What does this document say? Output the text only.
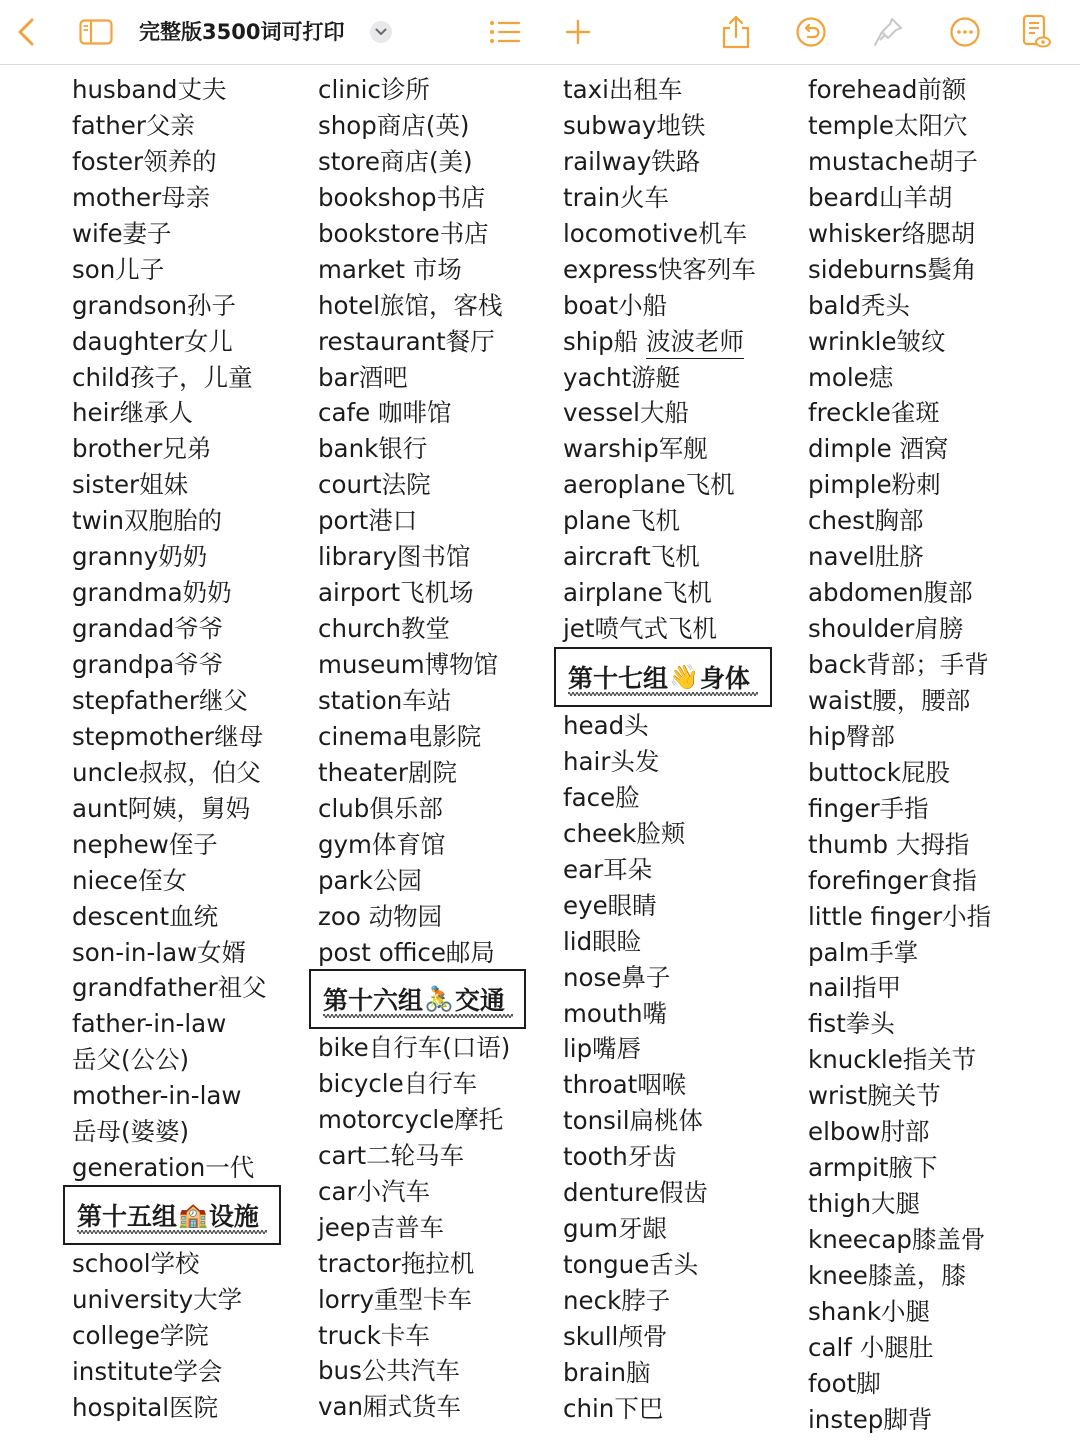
完整版3500词可打印
husband丈夫
father父亲
foster领养的
mother母亲
wife妻子
son儿子
grandson孙子
daughter女儿
child孩子，儿童
heir继承人
brother兄弟
sister姐妹
twin双胞胎的
granny奶奶
grandma奶奶
grandad爷爷
grandpa爷爷
stepfather继父
stepmother继母
uncle叔叔，伯父
aunt阿姨，舅妈
nephew侄子
niece侄女
descent血统
son-in-law女婿
grandfather祖父
father-in-law
岳父(公公)
mother-in-law
岳母(婆婆)
generation一代
第十五组 🏫 设施
school学校
university大学
college学院
institute学会
hospital医院
clinic诊所
shop商店(英)
store商店(美)
bookshop书店
bookstore书店
market 市场
hotel旅馆，客栈
restaurant餐厅
bar酒吧
cafe 咖啡馆
bank银行
court法院
port港口
library图书馆
airport飞机场
church教堂
museum博物馆
station车站
cinema电影院
theater剧院
club俱乐部
gym体育馆
park公园
zoo 动物园
post office邮局
第十六组 🚴 交通
bike自行车(口语)
bicycle自行车
motorcycle摩托
cart二轮马车
car小汽车
jeep吉普车
tractor拖拉机
lorry重型卡车
truck卡车
bus公共汽车
van厢式货车
taxi出租车
subway地铁
railway铁路
train火车
locomotive机车
express快客列车
boat小船
ship船 波波老师
yacht游艇
vessel大船
warship军舰
aeroplane飞机
plane飞机
aircraft飞机
airplane飞机
jet喷气式飞机
第十七组 👋 身体
head头
hair头发
face脸
cheek脸颊
ear耳朵
eye眼睛
lid眼睑
nose鼻子
mouth嘴
lip嘴唇
throat咽喉
tonsil扁桃体
tooth牙齿
denture假齿
gum牙龈
tongue舌头
neck脖子
skull颅骨
brain脑
chin下巴
forehead前额
temple太阳穴
mustache胡子
beard山羊胡
whisker络腮胡
sideburns鬓角
bald秃头
wrinkle皱纹
mole痣
freckle雀斑
dimple 酒窝
pimple粉刺
chest胸部
navel肚脐
abdomen腹部
shoulder肩膀
back背部；手背
waist腰，腰部
hip臀部
buttock屁股
finger手指
thumb 大拇指
forefinger食指
little finger小指
palm手掌
nail指甲
fist拳头
knuckle指关节
wrist腕关节
elbow肘部
armpit腋下
thigh大腿
kneecap膝盖骨
knee膝盖，膝
shank小腿
calf 小腿肚
foot脚
instep脚背
